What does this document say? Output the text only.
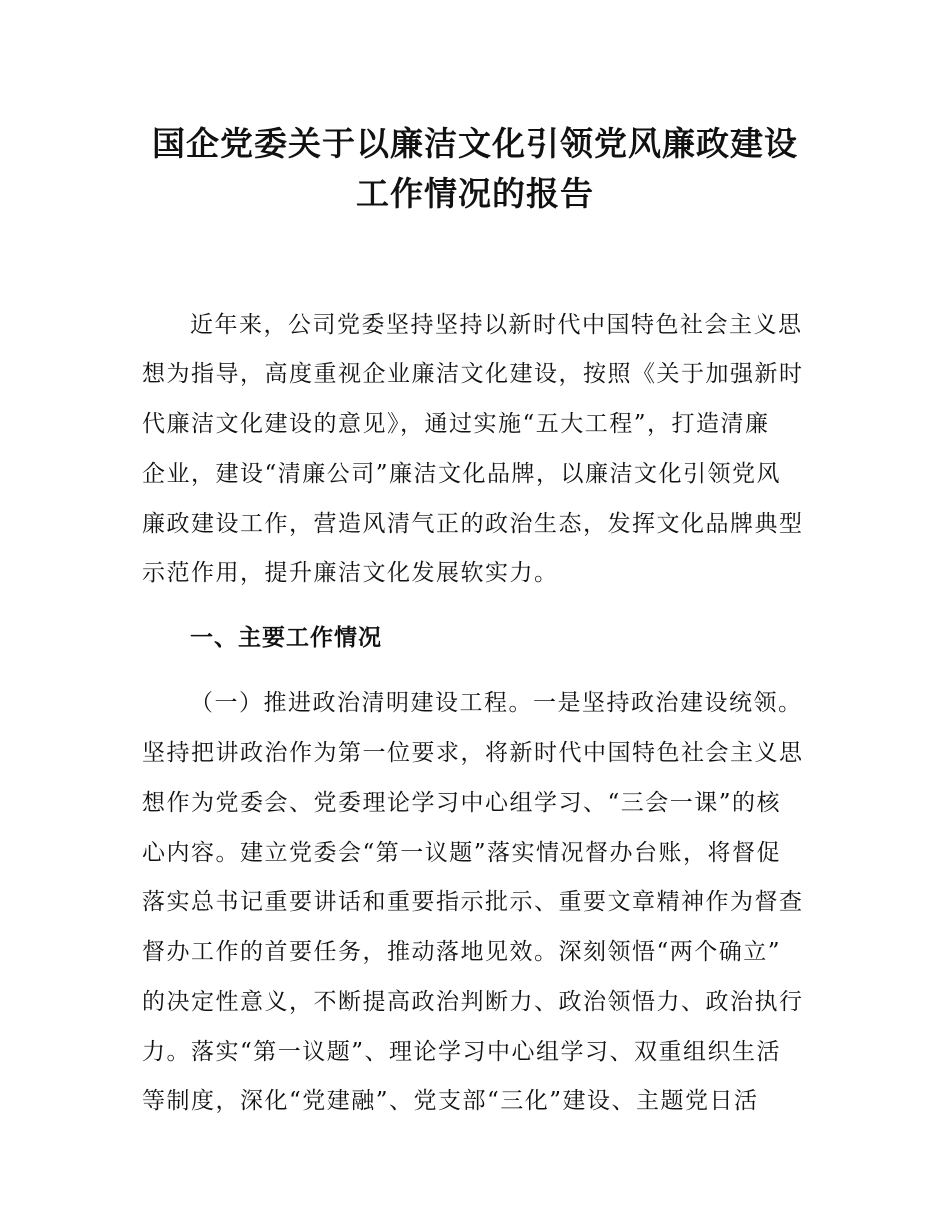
国企党委关于以廉洁文化引领党风廉政建设
工作情况的报告

近年来，公司党委坚持坚持以新时代中国特色社会主义思

想为指导，高度重视企业廉洁文化建设，按照《关于加强新时

代廉洁文化建设的意见》，通过实施“五大工程”，打造清廉

企业，建设“清廉公司”廉洁文化品牌，以廉洁文化引领党风

廉政建设工作，营造风清气正的政治生态，发挥文化品牌典型

示范作用，提升廉洁文化发展软实力。

一、主要工作情况

（一）推进政治清明建设工程。一是坚持政治建设统领。

坚持把讲政治作为第一位要求，将新时代中国特色社会主义思

想作为党委会、党委理论学习中心组学习、“三会一课”的核

心内容。建立党委会“第一议题”落实情况督办台账，将督促

落实总书记重要讲话和重要指示批示、重要文章精神作为督查

督办工作的首要任务，推动落地见效。深刻领悟“两个确立”

的决定性意义，不断提高政治判断力、政治领悟力、政治执行

力。落实“第一议题”、理论学习中心组学习、双重组织生活

等制度，深化“党建融”、党支部“三化”建设、主题党日活
